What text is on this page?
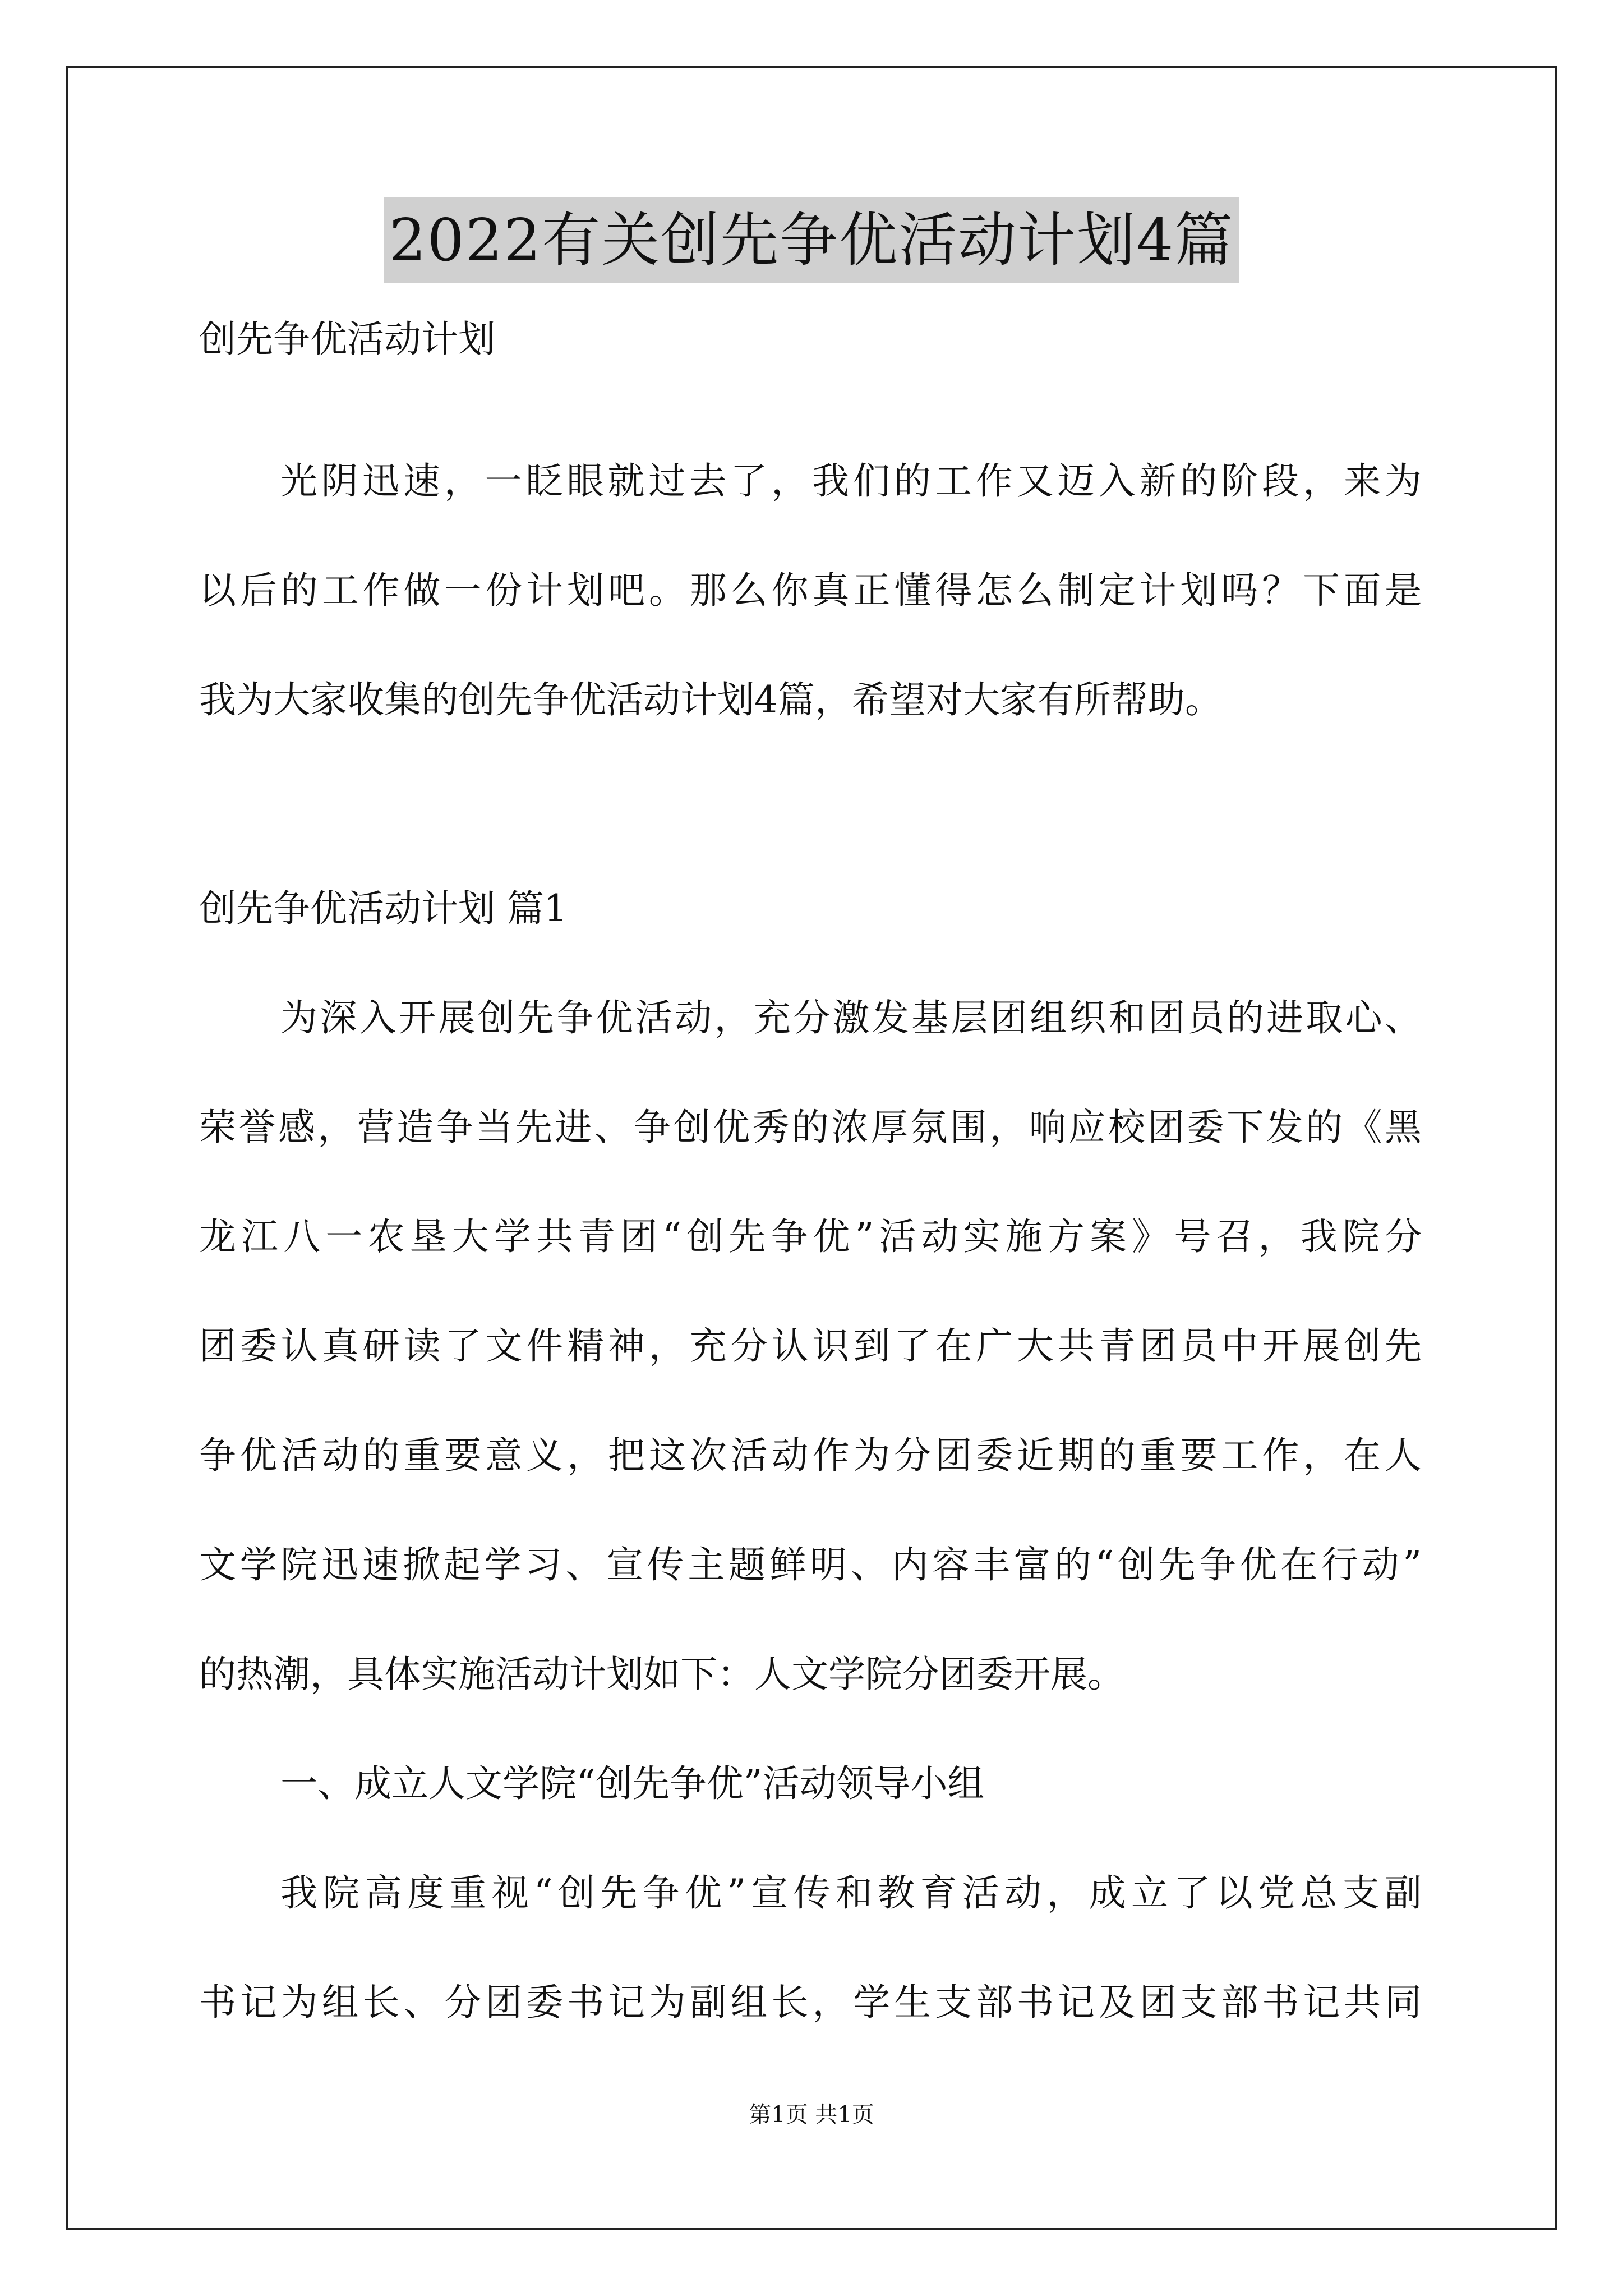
2022有关创先争优活动计划4篇
创先争优活动计划
光阴迅速，一眨眼就过去了，我们的工作又迈入新的阶段，来为
以后的工作做一份计划吧。那么你真正懂得怎么制定计划吗？下面是
我为大家收集的创先争优活动计划4篇，希望对大家有所帮助。
创先争优活动计划 篇1
为深入开展创先争优活动，充分激发基层团组织和团员的进取心、
荣誉感，营造争当先进、争创优秀的浓厚氛围，响应校团委下发的《黑
龙江八一农垦大学共青团“创先争优”活动实施方案》号召，我院分
团委认真研读了文件精神，充分认识到了在广大共青团员中开展创先
争优活动的重要意义，把这次活动作为分团委近期的重要工作，在人
文学院迅速掀起学习、宣传主题鲜明、内容丰富的“创先争优在行动”
的热潮，具体实施活动计划如下：人文学院分团委开展。
一、成立人文学院“创先争优”活动领导小组
我院高度重视“创先争优”宣传和教育活动，成立了以党总支副
书记为组长、分团委书记为副组长，学生支部书记及团支部书记共同
第1页 共1页
